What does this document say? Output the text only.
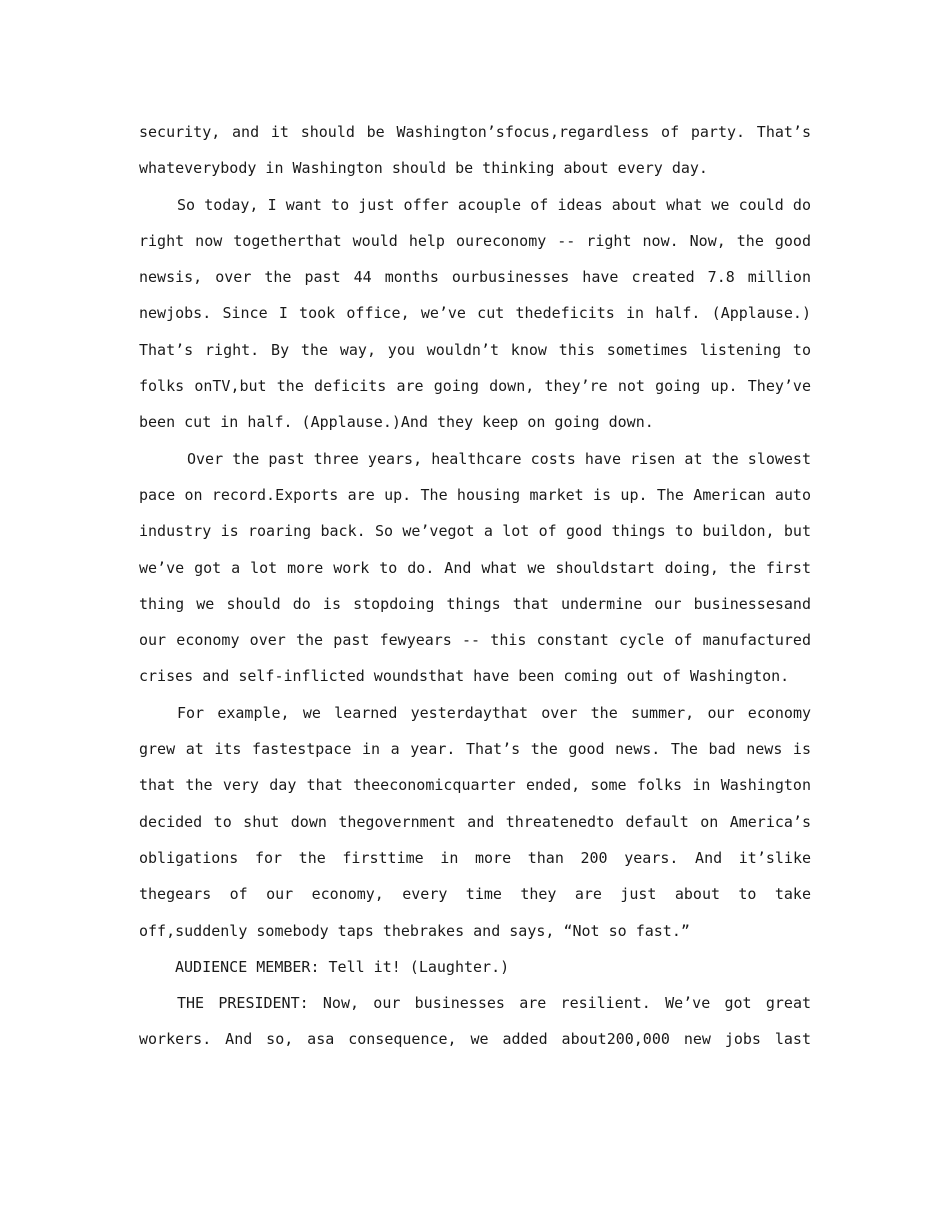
security, and it should be Washington’sfocus,regardless of party. That’s whateverybody in Washington should be thinking about every day.

So today, I want to just offer acouple of ideas about what we could do right now togetherthat would help oureconomy -- right now. Now, the good newsis, over the past 44 months ourbusinesses have created 7.8 million newjobs. Since I took office, we’ve cut thedeficits in half. (Applause.) That’s right. By the way, you wouldn’t know this sometimes listening to folks onTV,but the deficits are going down, they’re not going up. They’ve been cut in half. (Applause.)And they keep on going down.

Over the past three years, healthcare costs have risen at the slowest pace on record.Exports are up. The housing market is up. The American auto industry is roaring back. So we’vegot a lot of good things to buildon, but we’ve got a lot more work to do. And what we shouldstart doing, the first thing we should do is stopdoing things that undermine our businessesand our economy over the past fewyears -- this constant cycle of manufactured crises and self-inflicted woundsthat have been coming out of Washington.

For example, we learned yesterdaythat over the summer, our economy grew at its fastestpace in a year. That’s the good news. The bad news is that the very day that theeconomicquarter ended, some folks in Washington decided to shut down thegovernment and threatenedto default on America’s obligations for the firsttime in more than 200 years. And it’slike thegears of our economy, every time they are just about to take off,suddenly somebody taps thebrakes and says, “Not so fast.”

AUDIENCE MEMBER: Tell it! (Laughter.)

THE PRESIDENT: Now, our businesses are resilient. We’ve got great workers. And so, asa consequence, we added about200,000 new jobs last
